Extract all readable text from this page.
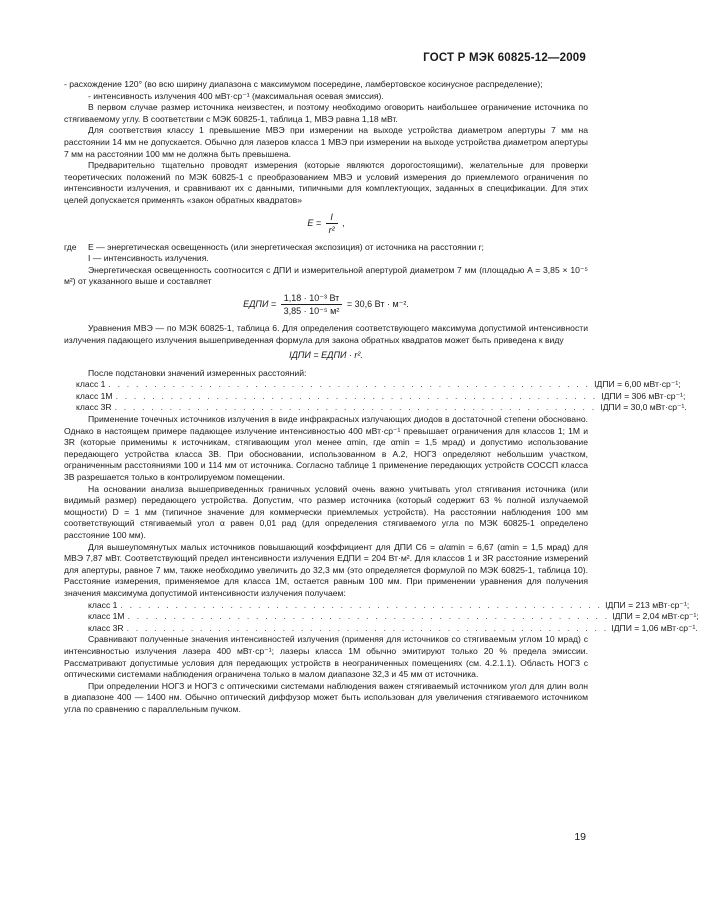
ГОСТ Р МЭК 60825-12—2009

- расхождение 120° (во всю ширину диапазона с максимумом посередине, ламбертовское косинусное распределение);

- интенсивность излучения 400 мВт·ср⁻¹ (максимальная осевая эмиссия).

В первом случае размер источника неизвестен, и поэтому необходимо оговорить наибольшее ограничение источника по стягиваемому углу. В соответствии с МЭК 60825-1, таблица 1, МВЭ равна 1,18 мВт.

Для соответствия классу 1 превышение МВЭ при измерении на выходе устройства диаметром апертуры 7 мм на расстоянии 14 мм не допускается. Обычно для лазеров класса 1 МВЭ при измерении на выходе устройства диаметром апертуры 7 мм на расстоянии 100 мм не должна быть превышена.

Предварительно тщательно проводят измерения (которые являются дорогостоящими), желательные для проверки теоретических положений по МЭК 60825-1 с преобразованием МВЭ и условий измерения до приемлемого ограничения по интенсивности излучения, и сравнивают их с данными, типичными для комплектующих, заданных в спецификации. Для этих целей допускается применять «закон обратных квадратов»

$E = \frac{I}{\text{r²}}$ ,
где	E — энергетическая освещенность (или энергетическая экспозиция) от источника на расстоянии r;
I — интенсивность излучения.

Энергетическая освещенность соотносится с ДПИ и измерительной апертурой диаметром 7 мм (площадью A = 3,85 × 10⁻⁵ м²) от указанного выше и составляет

EДПИ = $\frac{\text{1,18 · 10⁻³ Вт}}{\text{3,85 · 10⁻⁵ м²}} = 30,6$ Вт · м⁻².

Уравнения МВЭ — по МЭК 60825-1, таблица 6. Для определения соответствующего максимума допустимой интенсивности излучения падающего излучения вышеприведенная формула для закона обратных квадратов может быть приведена к виду

IДПИ = EДПИ · r².

После подстановки значений измеренных расстояний:

класс 1 . . . . . . . . . . . . . . . . . . . . . . . . . . . . . . . . . . . . . . . . . . . . . . . . . . . . . IДПИ = 6,00 мВт·ср⁻¹;
класс 1М . . . . . . . . . . . . . . . . . . . . . . . . . . . . . . . . . . . . . . . . . . . . . . . . . . . . . IДПИ = 306 мВт·ср⁻¹;
класс 3R . . . . . . . . . . . . . . . . . . . . . . . . . . . . . . . . . . . . . . . . . . . . . . . . . . . . . IДПИ = 30,0 мВт·ср⁻¹.

Применение точечных источников излучения в виде инфракрасных излучающих диодов в достаточной степени обосновано. Однако в настоящем примере падающее излучение интенсивностью 400 мВт·ср⁻¹ превышает ограничения для классов 1; 1М и 3R (которые применимы к источникам, стягивающим угол менее αmin, где αmin = 1,5 мрад) и допустимо использование передающего устройства класса 3В. При обосновании, использованном в А.2, НОГЗ определяют небольшим участком, ограниченным расстояниями 100 и 114 мм от источника. Согласно таблице 1 применение передающих устройств СОССП класса 3В разрешается только в контролируемом помещении.

На основании анализа вышеприведенных граничных условий очень важно учитывать угол стягивания источника (или видимый размер) передающего устройства. Допустим, что размер источника (который содержит 63 % полной излучаемой мощности) D = 1 мм (типичное значение для коммерчески приемлемых устройств). На расстоянии наблюдения 100 мм соответствующий стягиваемый угол α равен 0,01 рад (для определения стягиваемого угла по МЭК 60825-1 определено расстояние 100 мм).

Для вышеупомянутых малых источников повышающий коэффициент для ДПИ C6 = α/αmin = 6,67 (αmin = 1,5 мрад) для МВЭ 7,87 мВт. Соответствующий предел интенсивности излучения EДПИ = 204 Вт·м². Для классов 1 и 3R расстояние измерений для апертуры, равное 7 мм, также необходимо увеличить до 32,3 мм (это определяется формулой по МЭК 60825-1, таблица 10). Расстояние измерения, применяемое для класса 1М, остается равным 100 мм. При применении уравнения для получения значения максимума допустимой интенсивности излучения получаем:

класс 1 . . . . . . . . . . . . . . . . . . . . . . . . . . . . . . . . . . . . . . . . . . . . . . . . . . . . . IДПИ = 213 мВт·ср⁻¹;
класс 1М . . . . . . . . . . . . . . . . . . . . . . . . . . . . . . . . . . . . . . . . . . . . . . . . . . . . . IДПИ = 2,04 мВт·ср⁻¹;
класс 3R . . . . . . . . . . . . . . . . . . . . . . . . . . . . . . . . . . . . . . . . . . . . . . . . . . . . . IДПИ = 1,06 мВт·ср⁻¹.

Сравнивают полученные значения интенсивностей излучения (применяя для источников со стягиваемым углом 10 мрад) с интенсивностью излучения лазера 400 мВт·ср⁻¹; лазеры класса 1М обычно эмитируют только 20 % предела эмиссии. Рассматривают допустимые условия для передающих устройств в неограниченных помещениях (см. 4.2.1.1). Область НОГЗ с оптическими системами наблюдения ограничена только в малом диапазоне 32,3 и 45 мм от источника.

При определении НОГЗ и НОГЗ с оптическими системами наблюдения важен стягиваемый источником угол для длин волн в диапазоне 400 — 1400 нм. Обычно оптический диффузор может быть использован для увеличения стягиваемого источником угла по сравнению с параллельным пучком.

19
